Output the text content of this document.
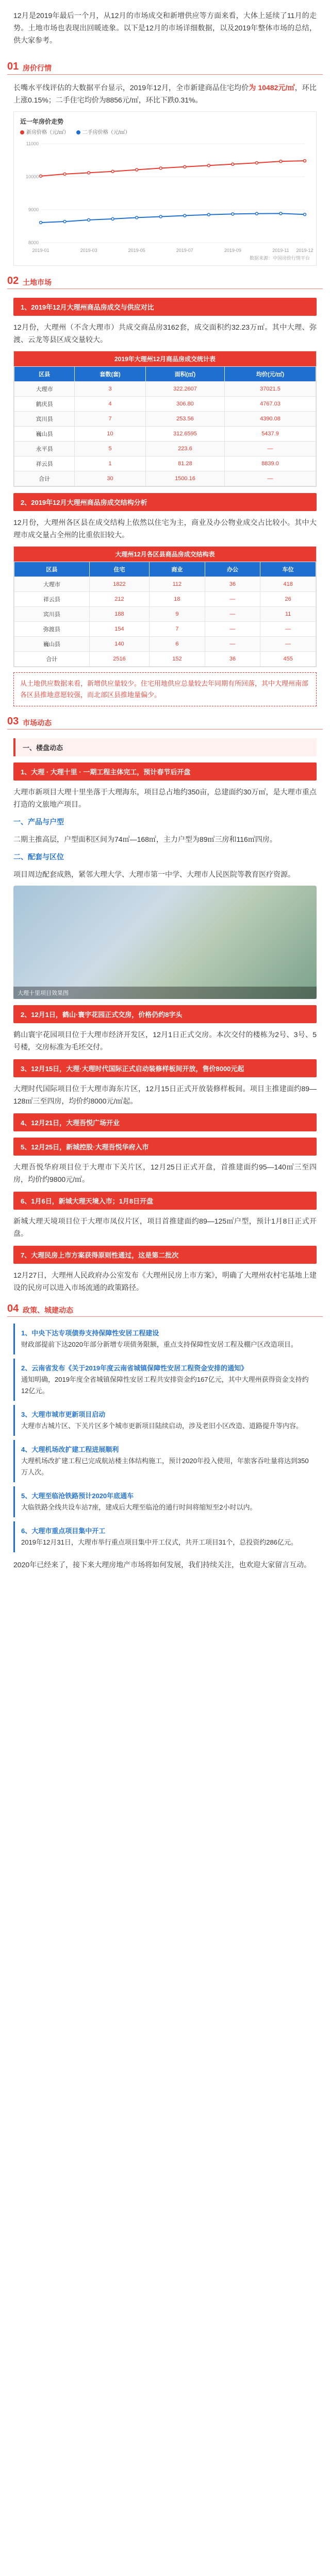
12月是2019年最后一个月，从12月的市场成交和新增供应等方面来看，大体上延续了11月的走势。土地市场也表现出回暖迹象。以下是12月的市场详细数据，以及2019年整体市场的总结，供大家参考。
01 房价行情

长嘴水平线评估的大数据平台显示，2019年12月，全市新建商品住宅均价为 10482元/㎡，环比上涨0.15%；二手住宅均价为8856元/㎡，环比下跌0.31%。

近一年房价走势
新房价格（元/㎡）	二手房价格（元/㎡）
8000
9000
10000
11000
2019-01	2019-03	2019-05	2019-07	2019-09	2019-11 2019-12
数据来源：中国房价行情平台
02 土地市场
1、2019年12月大理州商品房成交与供应对比

12月份，大理州（不含大理市）共成交商品房3162套，成交面积约32.23万㎡。其中大理、弥渡、云龙等县区成交量较大。

2019年大理州12月商品房成交统计表
区县	套数(套)	面积(㎡)	均价(元/㎡)
大理市	3	322.2607	37021.5
鹤庆县	4	306.80	4767.03
宾川县	7	253.56	4390.08
巍山县	10	312.6595	5437.9
永平县	5	223.6	—
祥云县	1	81.28	8839.0
合计	30	1500.16	—
2、2019年12月大理州商品房成交结构分析

12月份，大理州各区县在成交结构上依然以住宅为主，商业及办公物业成交占比较小。其中大理市成交量占全州的比重依旧较大。

大理州12月各区县商品房成交结构表
区县	住宅	商业	办公	车位
大理市	1822	112	36	418
祥云县	212	18	—	26
宾川县	188	9	—	11
弥渡县	154	7	—	—
巍山县	140	6	—	—
合计	2516	152	36	455
从土地供应数据来看，新增供应量较少。住宅用地供应总量较去年同期有所回落，其中大理州南部各区县推地意愿较强，而北部区县推地量偏少。
03 市场动态
一、楼盘动态
1、大理 · 大理十里 · 一期工程主体完工，预计春节后开盘

大理市新项目大理十里坐落于大理海东，项目总占地约350亩，总建面约30万㎡，是大理市重点打造的文旅地产项目。

一、产品与户型

二期主推高层，户型面积区间为74㎡—168㎡，主力户型为89㎡三房和116㎡四房。

二、配套与区位

项目周边配套成熟，紧邻大理大学、大理市第一中学、大理市人民医院等教育医疗资源。

大理十里项目效果图
2、12月1日，鹤山·寰宇花园正式交房，价格仍约8字头

鹤山寰宇花园项目位于大理市经济开发区，12月1日正式交房。本次交付的楼栋为2号、3号、5号楼，交房标准为毛坯交付。

3、12月15日，大理·大理时代国际正式启动装修样板间开放，售价8000元起

大理时代国际项目位于大理市海东片区，12月15日正式开放装修样板间。项目主推建面约89—128㎡三至四房，均价约8000元/㎡起。

4、12月21日，大理吾悦广场开业
5、12月25日，新城控股·大理吾悦华府入市

大理吾悦华府项目位于大理市下关片区，12月25日正式开盘，首推建面约95—140㎡三至四房，均价约9800元/㎡。

6、1月6日，新城大理天境入市；1月8日开盘

新城大理天境项目位于大理市凤仪片区，项目首推建面约89—125㎡户型，预计1月8日正式开盘。

7、大理民房上市方案获得原则性通过，这是第二批次

12月27日，大理州人民政府办公室发布《大理州民房上市方案》，明确了大理州农村宅基地上建设的民房可以进入市场流通的政策路径。

04 政策、城建动态
1、中央下达专项债券支持保障性安居工程建设
财政部提前下达2020年部分新增专项债务限额，重点支持保障性安居工程及棚户区改造项目。
2、云南省发布《关于2019年度云南省城镇保障性安居工程资金安排的通知》
通知明确，2019年度全省城镇保障性安居工程共安排资金约167亿元，其中大理州获得资金支持约12亿元。
3、大理市城市更新项目启动
大理市古城片区、下关片区多个城市更新项目陆续启动，涉及老旧小区改造、道路提升等内容。
4、大理机场改扩建工程进展顺利
大理机场改扩建工程已完成航站楼主体结构施工，预计2020年投入使用，年旅客吞吐量将达到350万人次。
5、大理至临沧铁路预计2020年底通车
大临铁路全线共设车站7座，建成后大理至临沧的通行时间将缩短至2小时以内。
6、大理市重点项目集中开工
2019年12月31日，大理市举行重点项目集中开工仪式，共开工项目31个，总投资约286亿元。

2020年已经来了，接下来大理房地产市场将如何发展，我们持续关注，也欢迎大家留言互动。
